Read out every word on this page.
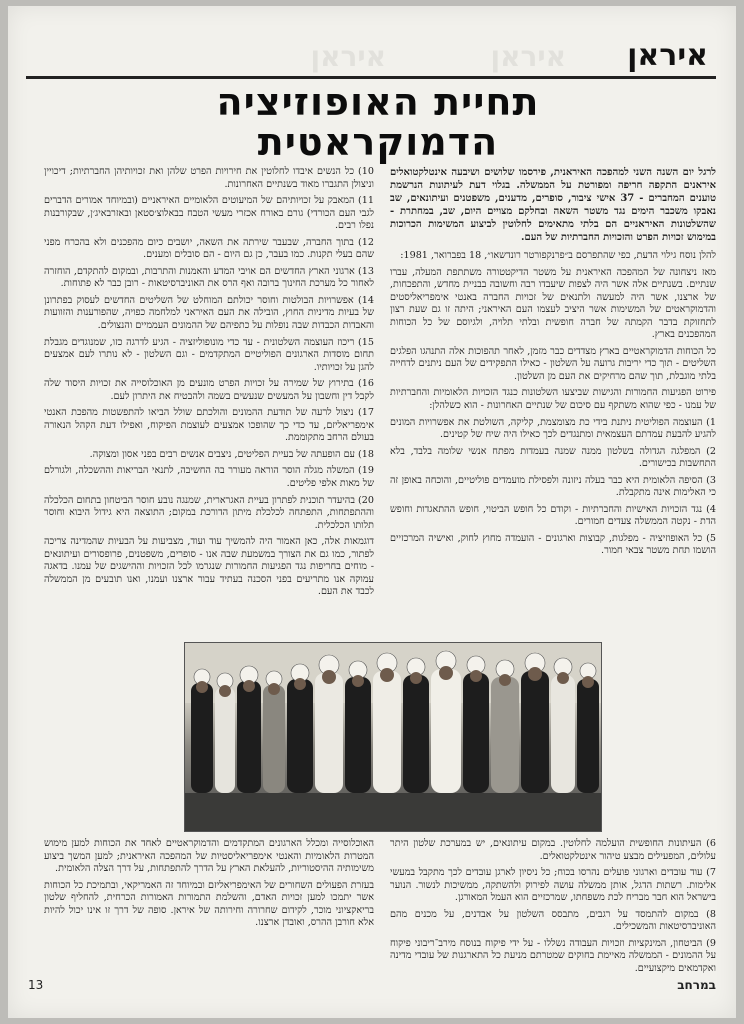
איראן
איראן	איראן
תחיית האופוזיציה
הדמוקראטית

לרגל יום השנה השני למהפכה האיראנית, פירסמו שלושים ושיבעה אינטלקטואלים איראנים התקפה חריפה ומפורטת על הממשלה. בגלוי דעת לעיתונות הנרשמת טוענים המחברים - 37 אישי ציבור, סופרים, מדענים, משפטנים ועיתונאים, שב נאבקו משכבר הימים נגד משטר השאה ובחלקם מצויים היום, שב, במחתרת - שהשלטונות האיראניים הם בלתי מתאימים לחלוטין לביצוע המשימות הכרוכות במימוש זכויות הפרט והזכויות החברתיות של העם.

להלן נוסח גילוי הדעת, כפי שהתפרסם ב״פרנקפורטר רונדשאו״, 18 בפברואר, 1981:

מאז ניצחונה של המהפכה האיראנית על משטר הדיקטטורה משתתפת המעלה, עברו שנתיים. בשנתיים אלה אשר היה לצפות שיעבדו רבה וחשובה בבניית מחדש, והתפכחות, של ארצנו, אשר היה למעשה ולתנאים של זכויות החברה באנטי אימפריאליסטים והדמוקראטים של המשימות אשר היציב לעצמו העם האיראני; היתה זו גם שעת רצון לתחזוקת בדבר הקמתה של חברה חופשית ובלתי תלויה, ולגיוסם של כל הכוחות המהפכנים בארץ.

כל הכוחות הדמוקראטיים בארץ מצדדים כבר מזמן, לאחר תהפוכות אלה התנהגו הפלגים השליטים - תוך כדי יריבות גרועה על השלטון - כאילו התפקידים של העם ניתנים לדחייה בלתי מוגבלת, תוך שהם מרחיקים את העם מן השלטון.

פירוט הפגיעות החמורות והגישות שביצעו השלטונות כנגד הזכויות הלאומיות והחברתיות של עמנו - כפי שהוא משתקף עם סיכום של שנתיים האחרונות - הוא כשלהלן:

1) העוצמה הפוליטית ניתנת בידי כת מצומצמת, קליקה, השולטת את אפשרויות המונים להגיע להבעת עמדתם העצמאית ומתנגדים לכך כאילו היה שיח של קטינים.

2) המפלגה הגדולה בשלטון ממנה שמנה בעמדות מפתח אנשי שלומה בלבד, בלא התחשבות בכישורים.

3) הסיפה הלאומית היא כבר בעלה ניזונה ולפסילת מועמדים פוליטיים, והוכחה באופן זה כי האלימות אינה מתקבלת.

4) נגד הזכויות האישיות והחברתיות - וקודם כל חופש הביטוי, חופש ההתאגדות וחופש הדת - נקטה הממשלה צעדים חמורים.

5) כל האופוזיציה - מפלגות, קבוצות וארגונים - הועמדה מחוץ לחוק, ואישיה המרכזיים הושמו תחת משטר צבאי חמור.

10) כל הנשים איבדו לחלוטין את חירויות הפרט שלהן ואת זכויותיהן החברתיות; דיכויין וניצולן התגברו מאוד בשנתיים האחרונות.

11) המאבק על זכויותיהם של המיעוטים הלאומיים האיראניים (ובמיוחד אמורים הדברים לגבי העם הכורדי) גורם באורח אכזרי מעשי הטבח בבאלוצ׳סטאן ובאזרבאיג׳ן, שבקורבנות נפלו רבים.

12) בתוך החברה, שבעבר שירתה את השאה, יושבים כיום מהפכנים ולא בהכרח מפני שהם בעלי תקנות. כמו בעבר, כן גם היום - הם סובלים ומענים.

13) ארגוני הארץ החדשים הם אויבי המדע והאמנות והתרבות, ובמקום להתקדם, הוחזרה לאחור כל מערכת החינוך ברובה ואף הרס את האוניברסיטאות - רובן כבר לא פתוחות.

14) אפשרויות הבולטות וחוסר יכולתם המוחלט של השליטים החדשים לעסוק בפתרונן של בעיות מדיניות החוץ, הובילה את העם האיראני למלחמה כפויה, שהפורענות והזוועות והאבדות הכבדות שבה נופלות על כתפיהם של ההמונים העממיים והנצולים.

15) ריכוז העוצמה השלטונית - עד כדי מונופוליזציה - הגיע לדרגה כזו, שמנוגדים מגבלת תחום מוסדות הארגונים הפוליטיים המתקדמים - וגם השלטון - לא נותרו לעם אמצעים להגן על זכויותיו.

16) בתירוץ של שמירה על זכויות הפרט מונעים מן האוכלוסייה את זכויות היסוד שלה לקבל דין וחשבון על המעשים שנעשים בשמה ולהבטיח את היתרון לעם.

17) ניצול לרעה של תודעת ההמונים והולכתם שולל הביאו להתפשטות מהפכת האנטי אימפריאליזם, עד כדי כך שהופכו אמצעים לעוצמת הפיקוח, ואפילו דעת הקהל הנאורה בעולם הרחב מתקוממת.

18) עם הופעתה של בעיית הפליטים, ניצבים אנשים רבים בפני אסון ומצוקה.

19) המשלה מגלה הוסר הוראה מעורר בה החשיבה, לתנאי הבריאות וההשכלה, ולגורלם של מאות אלפי פליטים.

20) בהיעדר תוכנית לפתרון בעיית האגרארית, שמנגה נובע חוסר הביטחון בתחום הכלכלה וההתפתחות, התפתחה לכלכלת מיתון הדורכת במקום; התוצאה היא גידול היבוא וחוסר תלותו הכלכלית.

דוגמאות אלה, כאן האמור היה להמשיך עוד ועוד, מצביעות על הבעיות שהמדינה צריכה לפתור, כמו גם את הצורך במשמעת שבה אנו - סופרים, משפטנים, פרופסורים ועיתונאים - מוחים בחריפות נגד הפגיעות החמורות שנגרמו לכל הזכויות וההישגים של עמנו. בדאגה עמוקה אנו מתריעים בפני הסכנה בעתיד עבור ארצנו ועמנו, ואנו תובעים מן הממשלה לכבד את העם.

6) העיתונות החופשית הועלמה לחלוטין. במקום עיתונאים, יש במערכת שלטון היתר עלולים, המפעילים מבצע טיהור אינטלקטואלים.

7) עוד עובדים וארגוני פועלים נהרסו בכוח; כל ניסיון לארגן עובדים לכך מתקבל במעשי אלימות. רשתות הדגל, אותן ממשלה עושה לפירוק ולהשתקה, ממשיכות לנשור. הנוער בישראל הוא חבר מבריח לכת משפחתו, שמרכזיים הוא העמל המאורגן.

8) במקום להתמסד על רגבים, מתבסס השלטון על אבדנים, על מכנים מהם האוניברסיטאות והמשכילים.

9) הביטחון, המינקציות וזכויות העבודה נשללו - על ידי פיקוח בנוסח מירב־ריבוני פיקוח על ההמונים - הממשלה מאיימת בחוקים שמטרתם מניעת כל התארגנות של עובדי מדינה ואקדמאים מיקצועיים.

האוכלוסייה ומכלל הארגונים המתקדמים והדמוקראטיים לאחד את הכוחות למען מימוש המטרות הלאומיות והאנטי אימפריאליסטיות של המהפכה האיראנית; למען המשך ביצוע משימותיה ההיסטוריות, להעלאת הארץ על הדרך להתפתחות, על דרך הצלה הלאומית.

בעזרת הפעולים השחורים של האימפריאליזם ובמיוחד זה האמריקאי, ובתמיכת כל הכוחות אשר יתמכו למען זכויות האדם, והשלמת התמורות האמורות הכרחית, להחליף שלטון בריאקציוני מוכר, לקידום שחרורה וחירותה של איראן. סופה של דרך זו אינו יכול להיות אלא חורבן ההרס, ואובדן ארצנו.

13	במרחב
